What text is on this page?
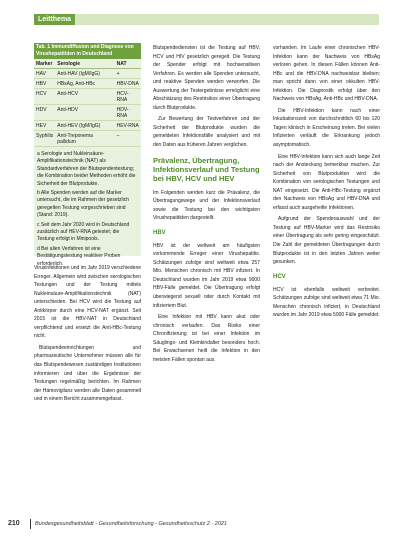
Leitthema
Tab. 1 Immundiffusion und Diagnose von Virushepatitiden in Deutschland
Marker	Serologie	NAT
HAV	Anti-HAV (IgM/IgG)	+
HBV	HBsAg, Anti-HBc	HBV-DNA
HCV	Anti-HCV	HCV-RNA
HDV	Anti-HDV	HDV-RNA
HEV	Anti-HEV (IgM/IgG)	HEV-RNA
Syphilis	Anti-Treponema pallidum	–

a Serologie und Nukleinsäure-Amplifikationstechnik (NAT) als Standardverfahren der Blutspendentestung; die Kombination beider Methoden erhöht die Sicherheit der Blutprodukte.

b Alle Spenden werden auf die Marker untersucht, die im Rahmen der gesetzlich geregelten Testung vorgeschrieben sind (Stand: 2019).

c Seit dem Jahr 2020 wird in Deutschland zusätzlich auf HEV-RNA getestet; die Testung erfolgt in Minipools.

d Bei allen Verfahren ist eine Bestätigungstestung reaktiver Proben erforderlich.

Virusinfektionen und im Jahr 2019 verschiedene Erreger. Allgemein wird zwischen serologischen Testungen und der Testung mittels Nukleinsäure-Amplifikationstechnik (NAT) unterschieden. Bei HCV wird die Testung auf Antikörper durch eine HCV-NAT ergänzt. Seit 2015 ist die HBV-NAT in Deutschland verpflichtend und ersetzt die Anti-HBc-Testung nicht.

Blutspendeeinrichtungen und pharmazeutische Unternehmer müssen alle für das Blutspendewesen zuständigen Institutionen informieren und über die Ergebnisse der Testungen regelmäßig berichten. Im Rahmen der Hämovigilanz werden alle Daten gesammelt und in einem Bericht zusammengefasst.

Blutspendediensten ist die Testung auf HBV, HCV und HIV gesetzlich geregelt. Die Testung der Spender erfolgt mit hochsensitiven Verfahren. Es werden alle Spenden untersucht, und reaktive Spenden werden verworfen. Die Auswertung der Testergebnisse ermöglicht eine Abschätzung des Restrisikos einer Übertragung durch Blutprodukte.

Zur Bewertung der Testverfahren und der Sicherheit der Blutprodukte wurden die gemeldeten Infektionsfälle analysiert und mit den Daten aus früheren Jahren verglichen.

Prävalenz, Übertragung, Infektionsverlauf und Testung bei HBV, HCV und HEV

Im Folgenden werden kurz die Prävalenz, die Übertragungswege und der Infektionsverlauf sowie die Testung bei den wichtigsten Virushepatitiden dargestellt.

HBV

HBV ist der weltweit am häufigsten vorkommende Erreger einer Virushepatitis. Schätzungen zufolge sind weltweit etwa 257 Mio. Menschen chronisch mit HBV infiziert. In Deutschland wurden im Jahr 2019 etwa 9000 HBV-Fälle gemeldet. Die Übertragung erfolgt überwiegend sexuell oder durch Kontakt mit infiziertem Blut.

Eine Infektion mit HBV kann akut oder chronisch verlaufen. Das Risiko einer Chronifizierung ist bei einer Infektion im Säuglings- und Kleinkindalter besonders hoch. Bei Erwachsenen heilt die Infektion in den meisten Fällen spontan aus.

vorhanden. Im Laufe einer chronischen HBV-Infektion kann der Nachweis von HBsAg verloren gehen. In diesen Fällen können Anti-HBc und die HBV-DNA nachweisbar bleiben; man spricht dann von einer okkulten HBV-Infektion. Die Diagnostik erfolgt über den Nachweis von HBsAg, Anti-HBc und HBV-DNA.

Die HBV-Infektion kann nach einer Inkubationszeit von durchschnittlich 60 bis 120 Tagen klinisch in Erscheinung treten. Bei vielen Infizierten verläuft die Erkrankung jedoch asymptomatisch.

Eine HBV-Infektion kann sich auch lange Zeit nach der Ansteckung bemerkbar machen. Zur Sicherheit von Blutprodukten wird die Kombination von serologischen Testungen und NAT eingesetzt. Die Anti-HBc-Testung ergänzt den Nachweis von HBsAg und HBV-DNA und erfasst auch ausgeheilte Infektionen.

Aufgrund der Spenderauswahl und der Testung auf HBV-Marker wird das Restrisiko einer Übertragung als sehr gering eingeschätzt. Die Zahl der gemeldeten Übertragungen durch Blutprodukte ist in den letzten Jahren weiter gesunken.

HCV

HCV ist ebenfalls weltweit verbreitet. Schätzungen zufolge sind weltweit etwa 71 Mio. Menschen chronisch infiziert, in Deutschland wurden im Jahr 2019 etwa 5900 Fälle gemeldet.

210	Bundesgesundheitsblatt - Gesundheitsforschung - Gesundheitsschutz 2 · 2021
